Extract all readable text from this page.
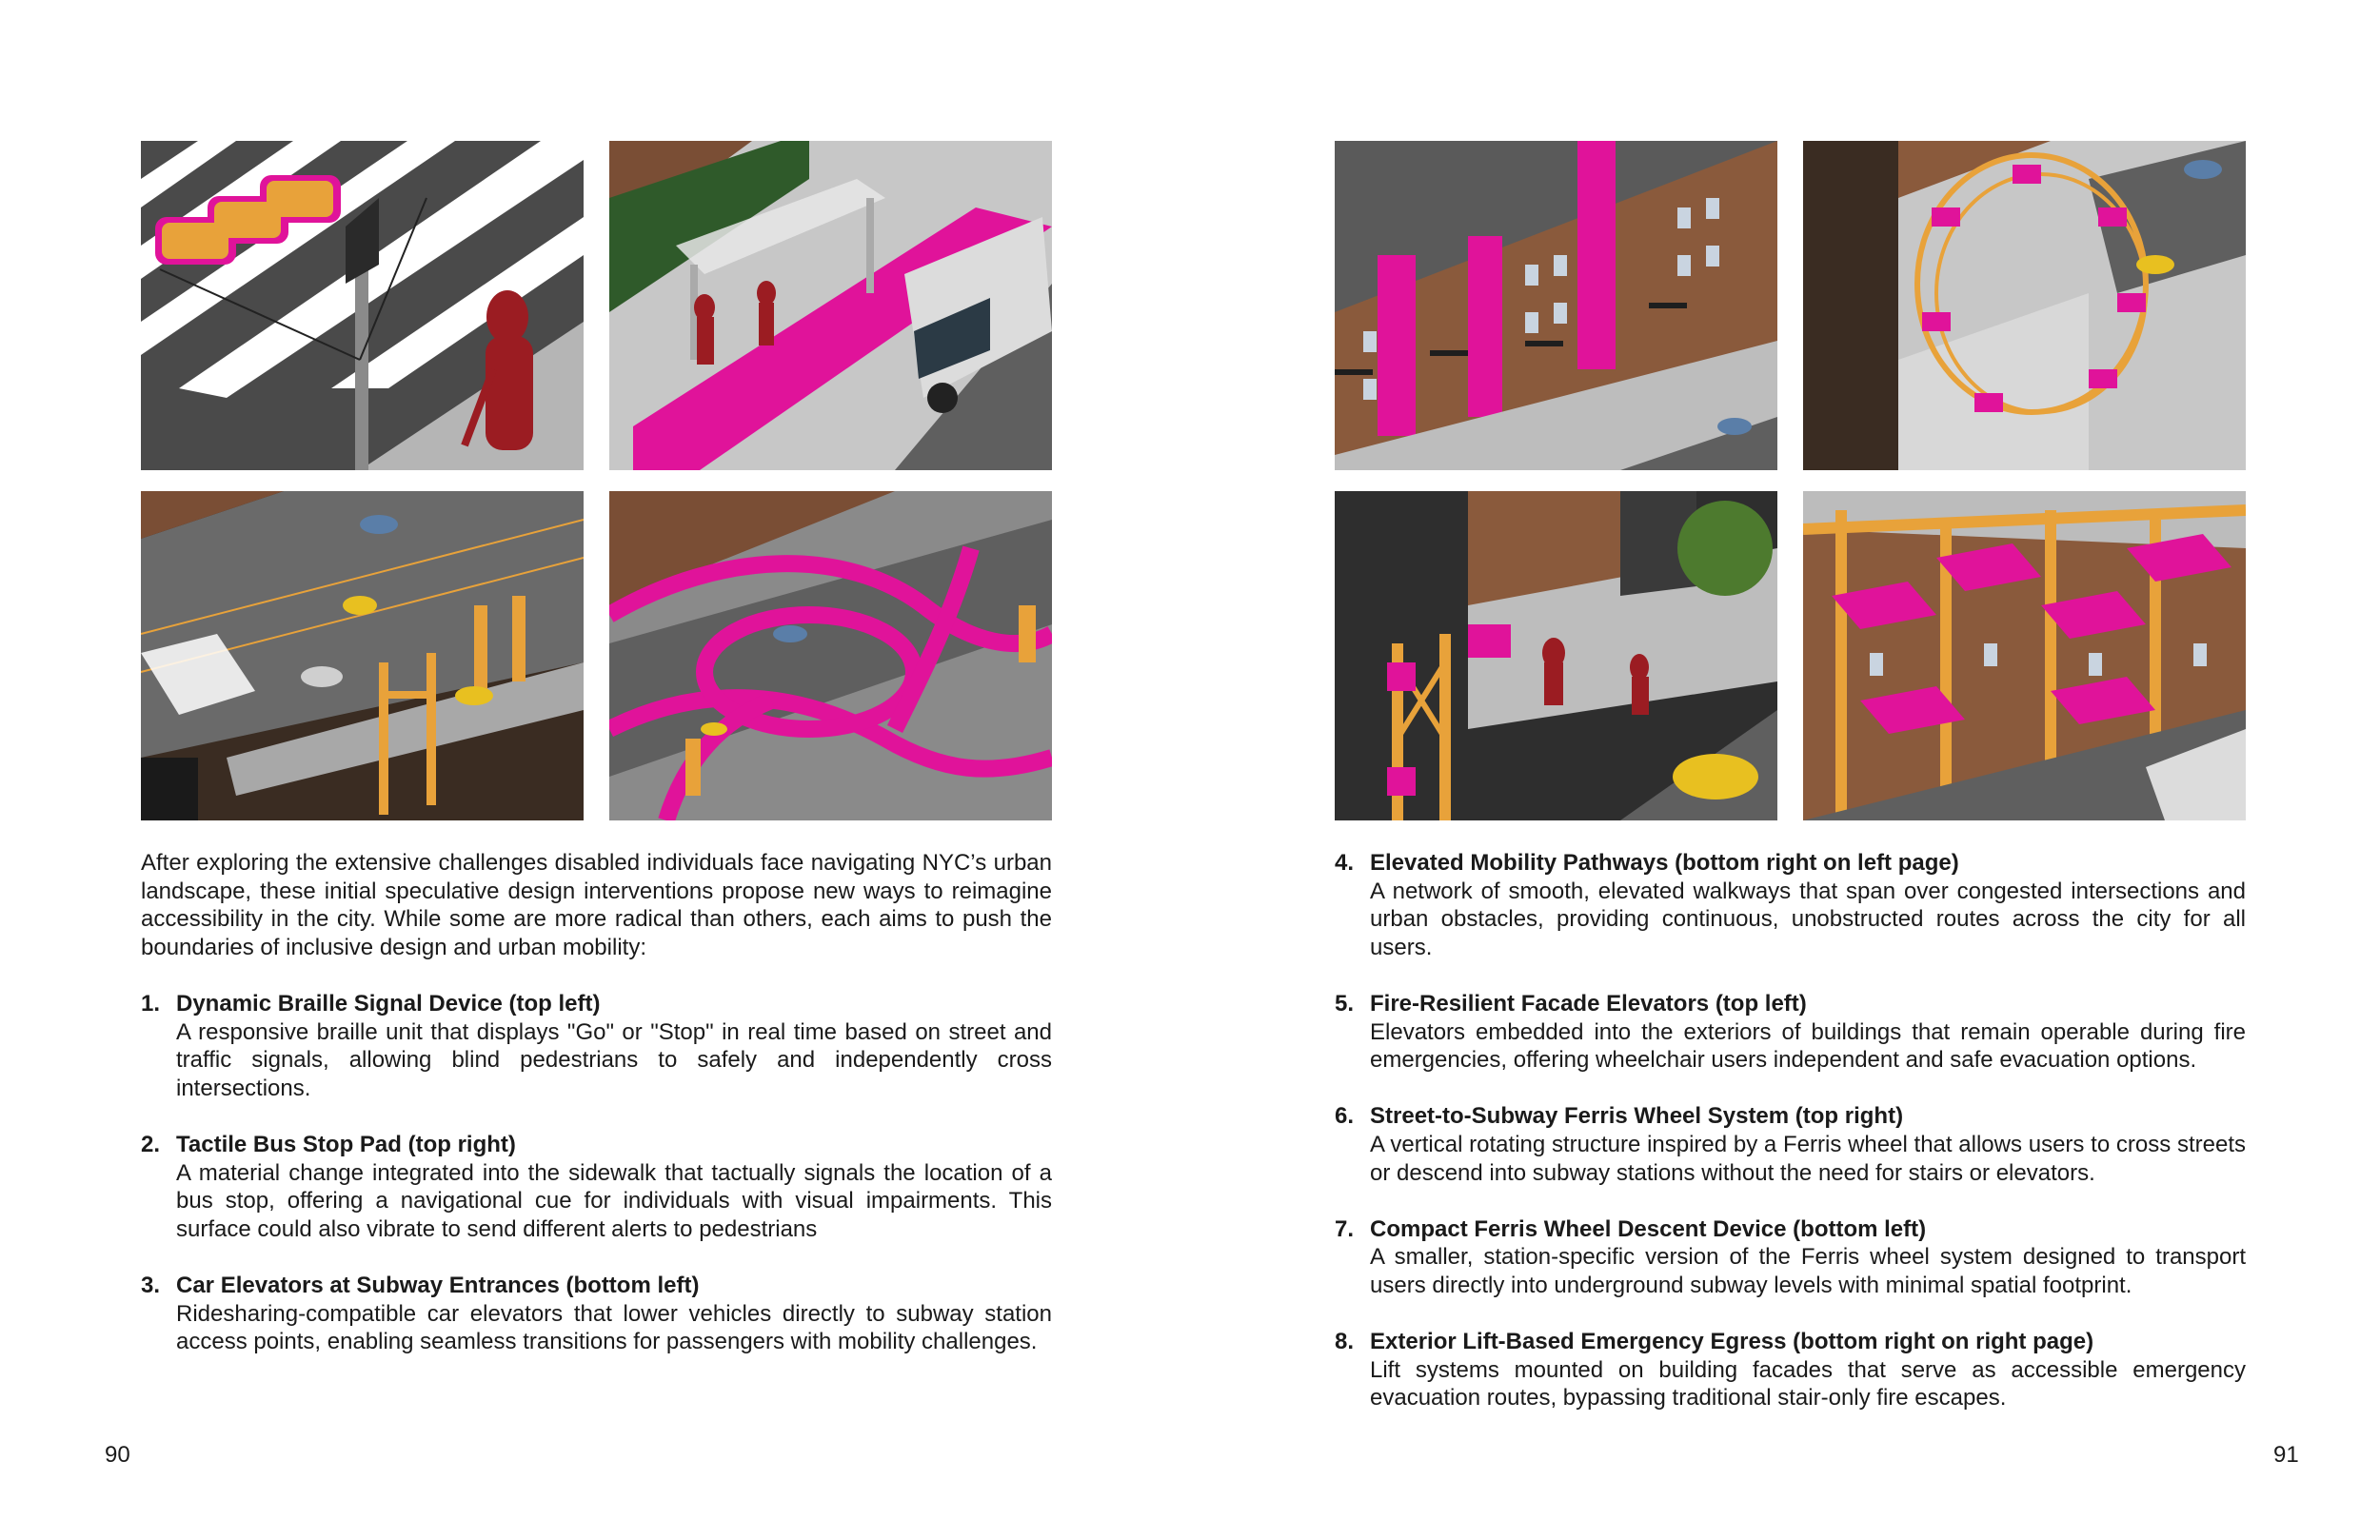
After exploring the extensive challenges disabled individuals face navigating NYC’s urban landscape, these initial speculative design interventions propose new ways to reimagine accessibility in the city. While some are more radical than others, each aims to push the boundaries of inclusive design and urban mobility:

1. Dynamic Braille Signal Device (top left)
A responsive braille unit that displays "Go" or "Stop" in real time based on street and traffic signals, allowing blind pedestrians to safely and independently cross intersections.
2. Tactile Bus Stop Pad (top right)
A material change integrated into the sidewalk that tactually signals the location of a bus stop, offering a navigational cue for individuals with visual impairments. This surface could also vibrate to send different alerts to pedestrians
3. Car Elevators at Subway Entrances (bottom left)
Ridesharing-compatible car elevators that lower vehicles directly to subway station access points, enabling seamless transitions for passengers with mobility challenges.
90
4. Elevated Mobility Pathways (bottom right on left page)
A network of smooth, elevated walkways that span over congested intersections and urban obstacles, providing continuous, unobstructed routes across the city for all users.
5. Fire-Resilient Facade Elevators (top left)
Elevators embedded into the exteriors of buildings that remain operable during fire emergencies, offering wheelchair users independent and safe evacuation options.
6. Street-to-Subway Ferris Wheel System (top right)
A vertical rotating structure inspired by a Ferris wheel that allows users to cross streets or descend into subway stations without the need for stairs or elevators.
7. Compact Ferris Wheel Descent Device (bottom left)
A smaller, station-specific version of the Ferris wheel system designed to transport users directly into underground subway levels with minimal spatial footprint.
8. Exterior Lift-Based Emergency Egress (bottom right on right page)
Lift systems mounted on building facades that serve as accessible emergency evacuation routes, bypassing traditional stair-only fire escapes.
91
